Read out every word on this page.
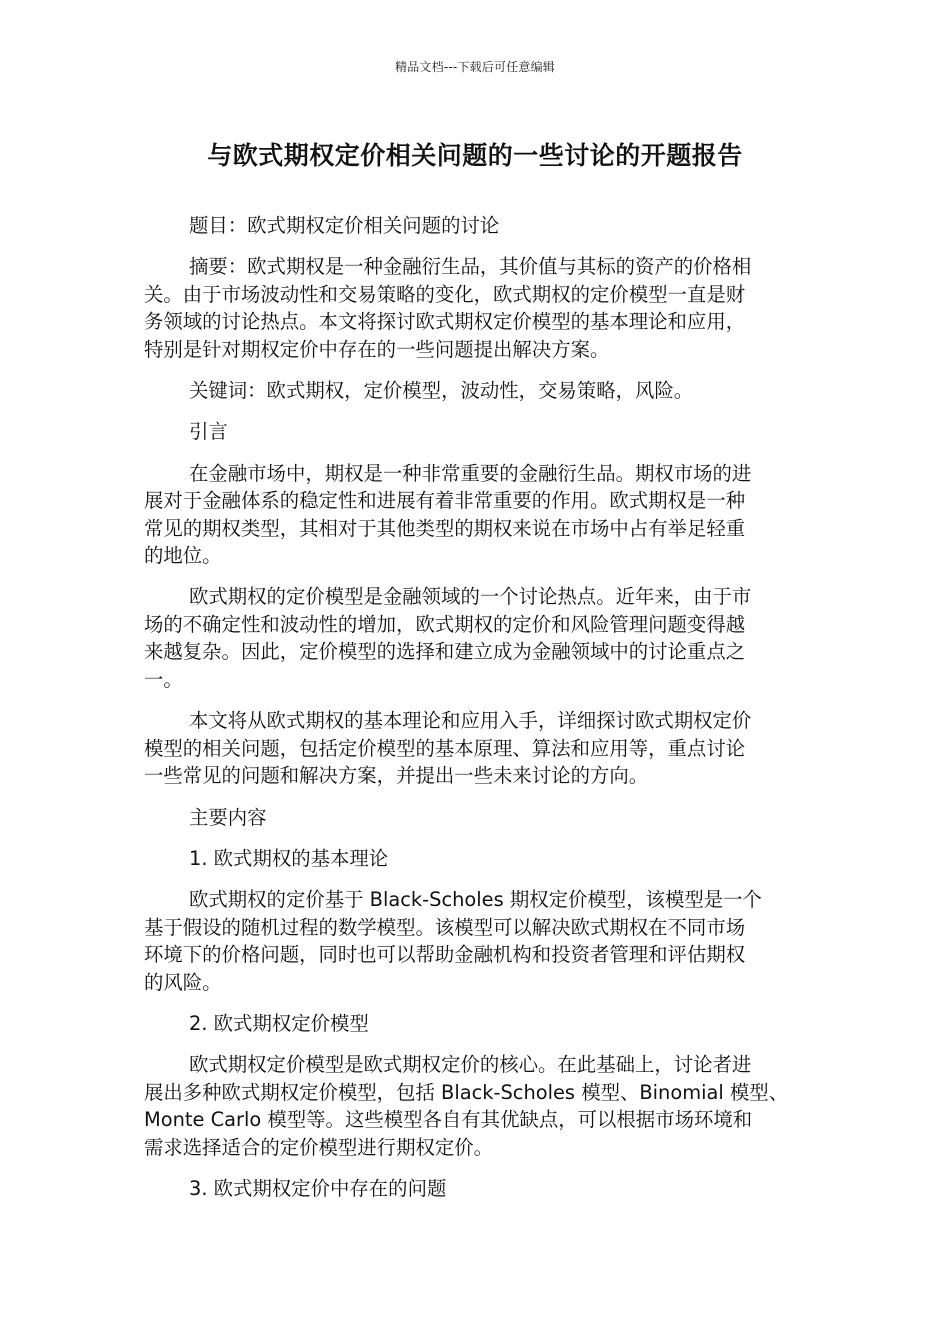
精品文档---下载后可任意编辑
与欧式期权定价相关问题的一些讨论的开题报告

题目：欧式期权定价相关问题的讨论

摘要：欧式期权是一种金融衍生品，其价值与其标的资产的价格相
关。由于市场波动性和交易策略的变化，欧式期权的定价模型一直是财
务领域的讨论热点。本文将探讨欧式期权定价模型的基本理论和应用，
特别是针对期权定价中存在的一些问题提出解决方案。

关键词：欧式期权，定价模型，波动性，交易策略，风险。

引言

在金融市场中，期权是一种非常重要的金融衍生品。期权市场的进
展对于金融体系的稳定性和进展有着非常重要的作用。欧式期权是一种
常见的期权类型，其相对于其他类型的期权来说在市场中占有举足轻重
的地位。

欧式期权的定价模型是金融领域的一个讨论热点。近年来，由于市
场的不确定性和波动性的增加，欧式期权的定价和风险管理问题变得越
来越复杂。因此，定价模型的选择和建立成为金融领域中的讨论重点之
一。

本文将从欧式期权的基本理论和应用入手，详细探讨欧式期权定价
模型的相关问题，包括定价模型的基本原理、算法和应用等，重点讨论
一些常见的问题和解决方案，并提出一些未来讨论的方向。

主要内容

1. 欧式期权的基本理论

欧式期权的定价基于 Black-Scholes 期权定价模型，该模型是一个
基于假设的随机过程的数学模型。该模型可以解决欧式期权在不同市场
环境下的价格问题，同时也可以帮助金融机构和投资者管理和评估期权
的风险。

2. 欧式期权定价模型

欧式期权定价模型是欧式期权定价的核心。在此基础上，讨论者进
展出多种欧式期权定价模型，包括 Black-Scholes 模型、Binomial 模型、
Monte Carlo 模型等。这些模型各自有其优缺点，可以根据市场环境和
需求选择适合的定价模型进行期权定价。

3. 欧式期权定价中存在的问题
